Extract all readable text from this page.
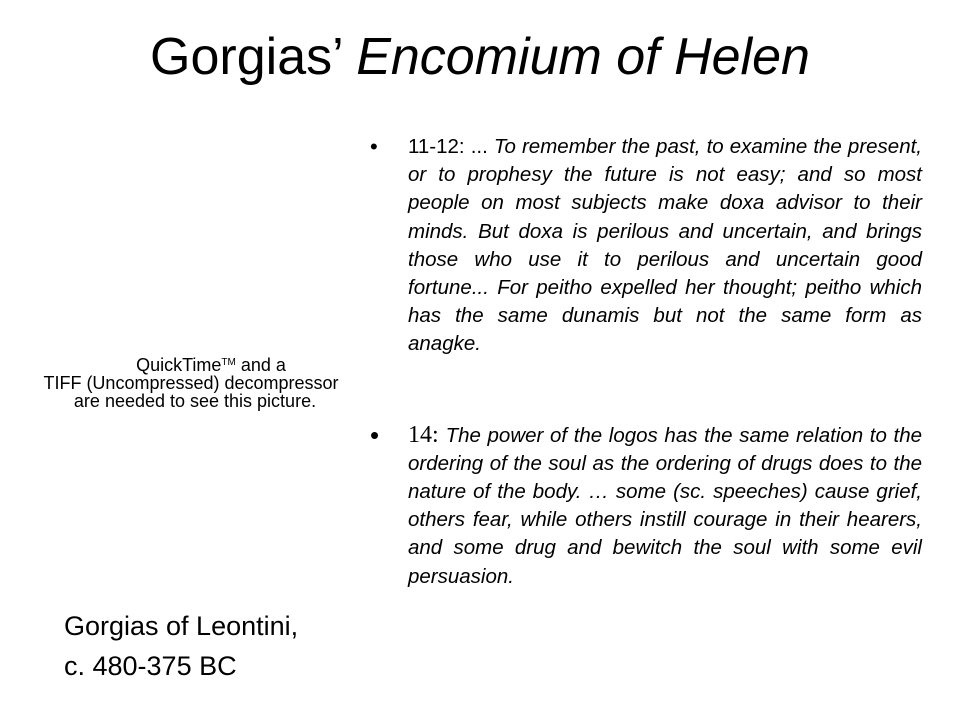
Gorgias’ Encomium of Helen
QuickTime™ and a
TIFF (Uncompressed) decompressor
are needed to see this picture.
Gorgias of Leontini,
c. 480-375 BC
• 11-12: ... To remember the past, to examine the present, or to prophesy the future is not easy; and so most people on most subjects make doxa advisor to their minds. But doxa is perilous and uncertain, and brings those who use it to perilous and uncertain good fortune... For peitho expelled her thought; peitho which has the same dunamis but not the same form as anagke.

• 14: The power of the logos has the same relation to the ordering of the soul as the ordering of drugs does to the nature of the body. … some (sc. speeches) cause grief, others fear, while others instill courage in their hearers, and some drug and bewitch the soul with some evil persuasion.
